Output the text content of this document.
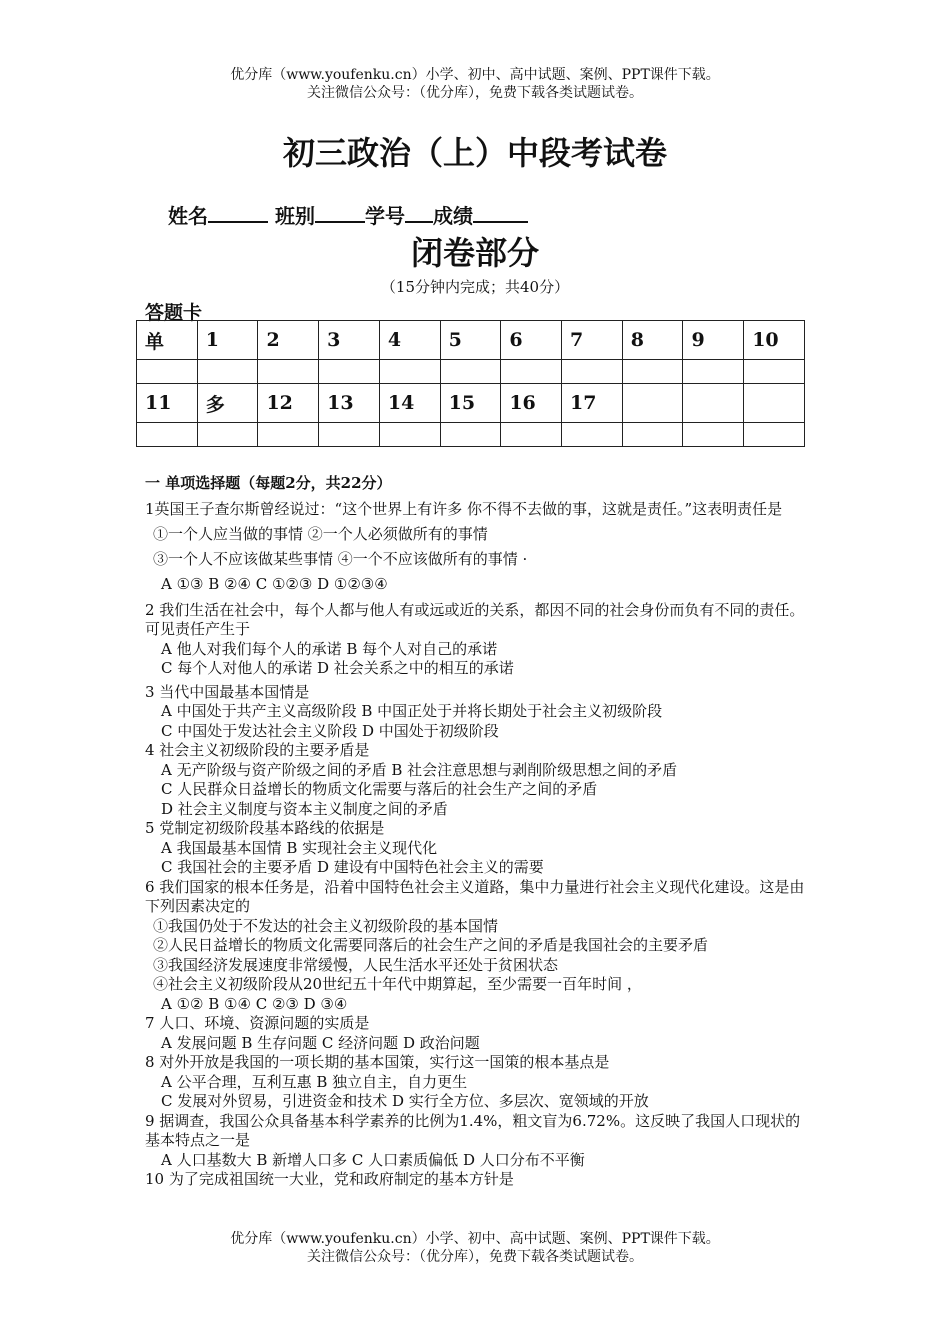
优分库（www.youfenku.cn）小学、初中、高中试题、案例、PPT课件下载。
关注微信公众号：（优分库），免费下载各类试题试卷。
初三政治（上）中段考试卷
姓名	班别	学号 成绩
闭卷部分
（15分钟内完成；共40分）
答题卡
单	1	2	3	4	5	6	7	8	9	10

11	多	12	13	14	15	16	17			

一 单项选择题（每题2分，共22分）
1英国王子查尔斯曾经说过：“这个世界上有许多 你不得不去做的事，这就是责任。”这表明责任是
①一个人应当做的事情 ②一个人必须做所有的事情
③一个人不应该做某些事情 ④一个不应该做所有的事情 ·
A ①③ B ②④ C ①②③ D ①②③④
2 我们生活在社会中，每个人都与他人有或远或近的关系，都因不同的社会身份而负有不同的责任。可见责任产生于
A 他人对我们每个人的承诺 B 每个人对自己的承诺
C 每个人对他人的承诺 D 社会关系之中的相互的承诺
3 当代中国最基本国情是
A 中国处于共产主义高级阶段 B 中国正处于并将长期处于社会主义初级阶段
C 中国处于发达社会主义阶段 D 中国处于初级阶段
4 社会主义初级阶段的主要矛盾是
A 无产阶级与资产阶级之间的矛盾 B 社会注意思想与剥削阶级思想之间的矛盾
C 人民群众日益增长的物质文化需要与落后的社会生产之间的矛盾
D 社会主义制度与资本主义制度之间的矛盾
5 党制定初级阶段基本路线的依据是
A 我国最基本国情 B 实现社会主义现代化
C 我国社会的主要矛盾 D 建设有中国特色社会主义的需要
6 我们国家的根本任务是，沿着中国特色社会主义道路，集中力量进行社会主义现代化建设。这是由下列因素决定的
①我国仍处于不发达的社会主义初级阶段的基本国情
②人民日益增长的物质文化需要同落后的社会生产之间的矛盾是我国社会的主要矛盾
③我国经济发展速度非常缓慢，人民生活水平还处于贫困状态
④社会主义初级阶段从20世纪五十年代中期算起，至少需要一百年时间 ，
A ①② B ①④ C ②③ D ③④
7 人口、环境、资源问题的实质是
A 发展问题 B 生存问题 C 经济问题 D 政治问题
8 对外开放是我国的一项长期的基本国策，实行这一国策的根本基点是
A 公平合理，互利互惠 B 独立自主，自力更生
C 发展对外贸易，引进资金和技术 D 实行全方位、多层次、宽领域的开放
9 据调查，我国公众具备基本科学素养的比例为1.4%，粗文盲为6.72%。这反映了我国人口现状的基本特点之一是
A 人口基数大 B 新增人口多 C 人口素质偏低 D 人口分布不平衡
10 为了完成祖国统一大业，党和政府制定的基本方针是
优分库（www.youfenku.cn）小学、初中、高中试题、案例、PPT课件下载。
关注微信公众号：（优分库），免费下载各类试题试卷。
